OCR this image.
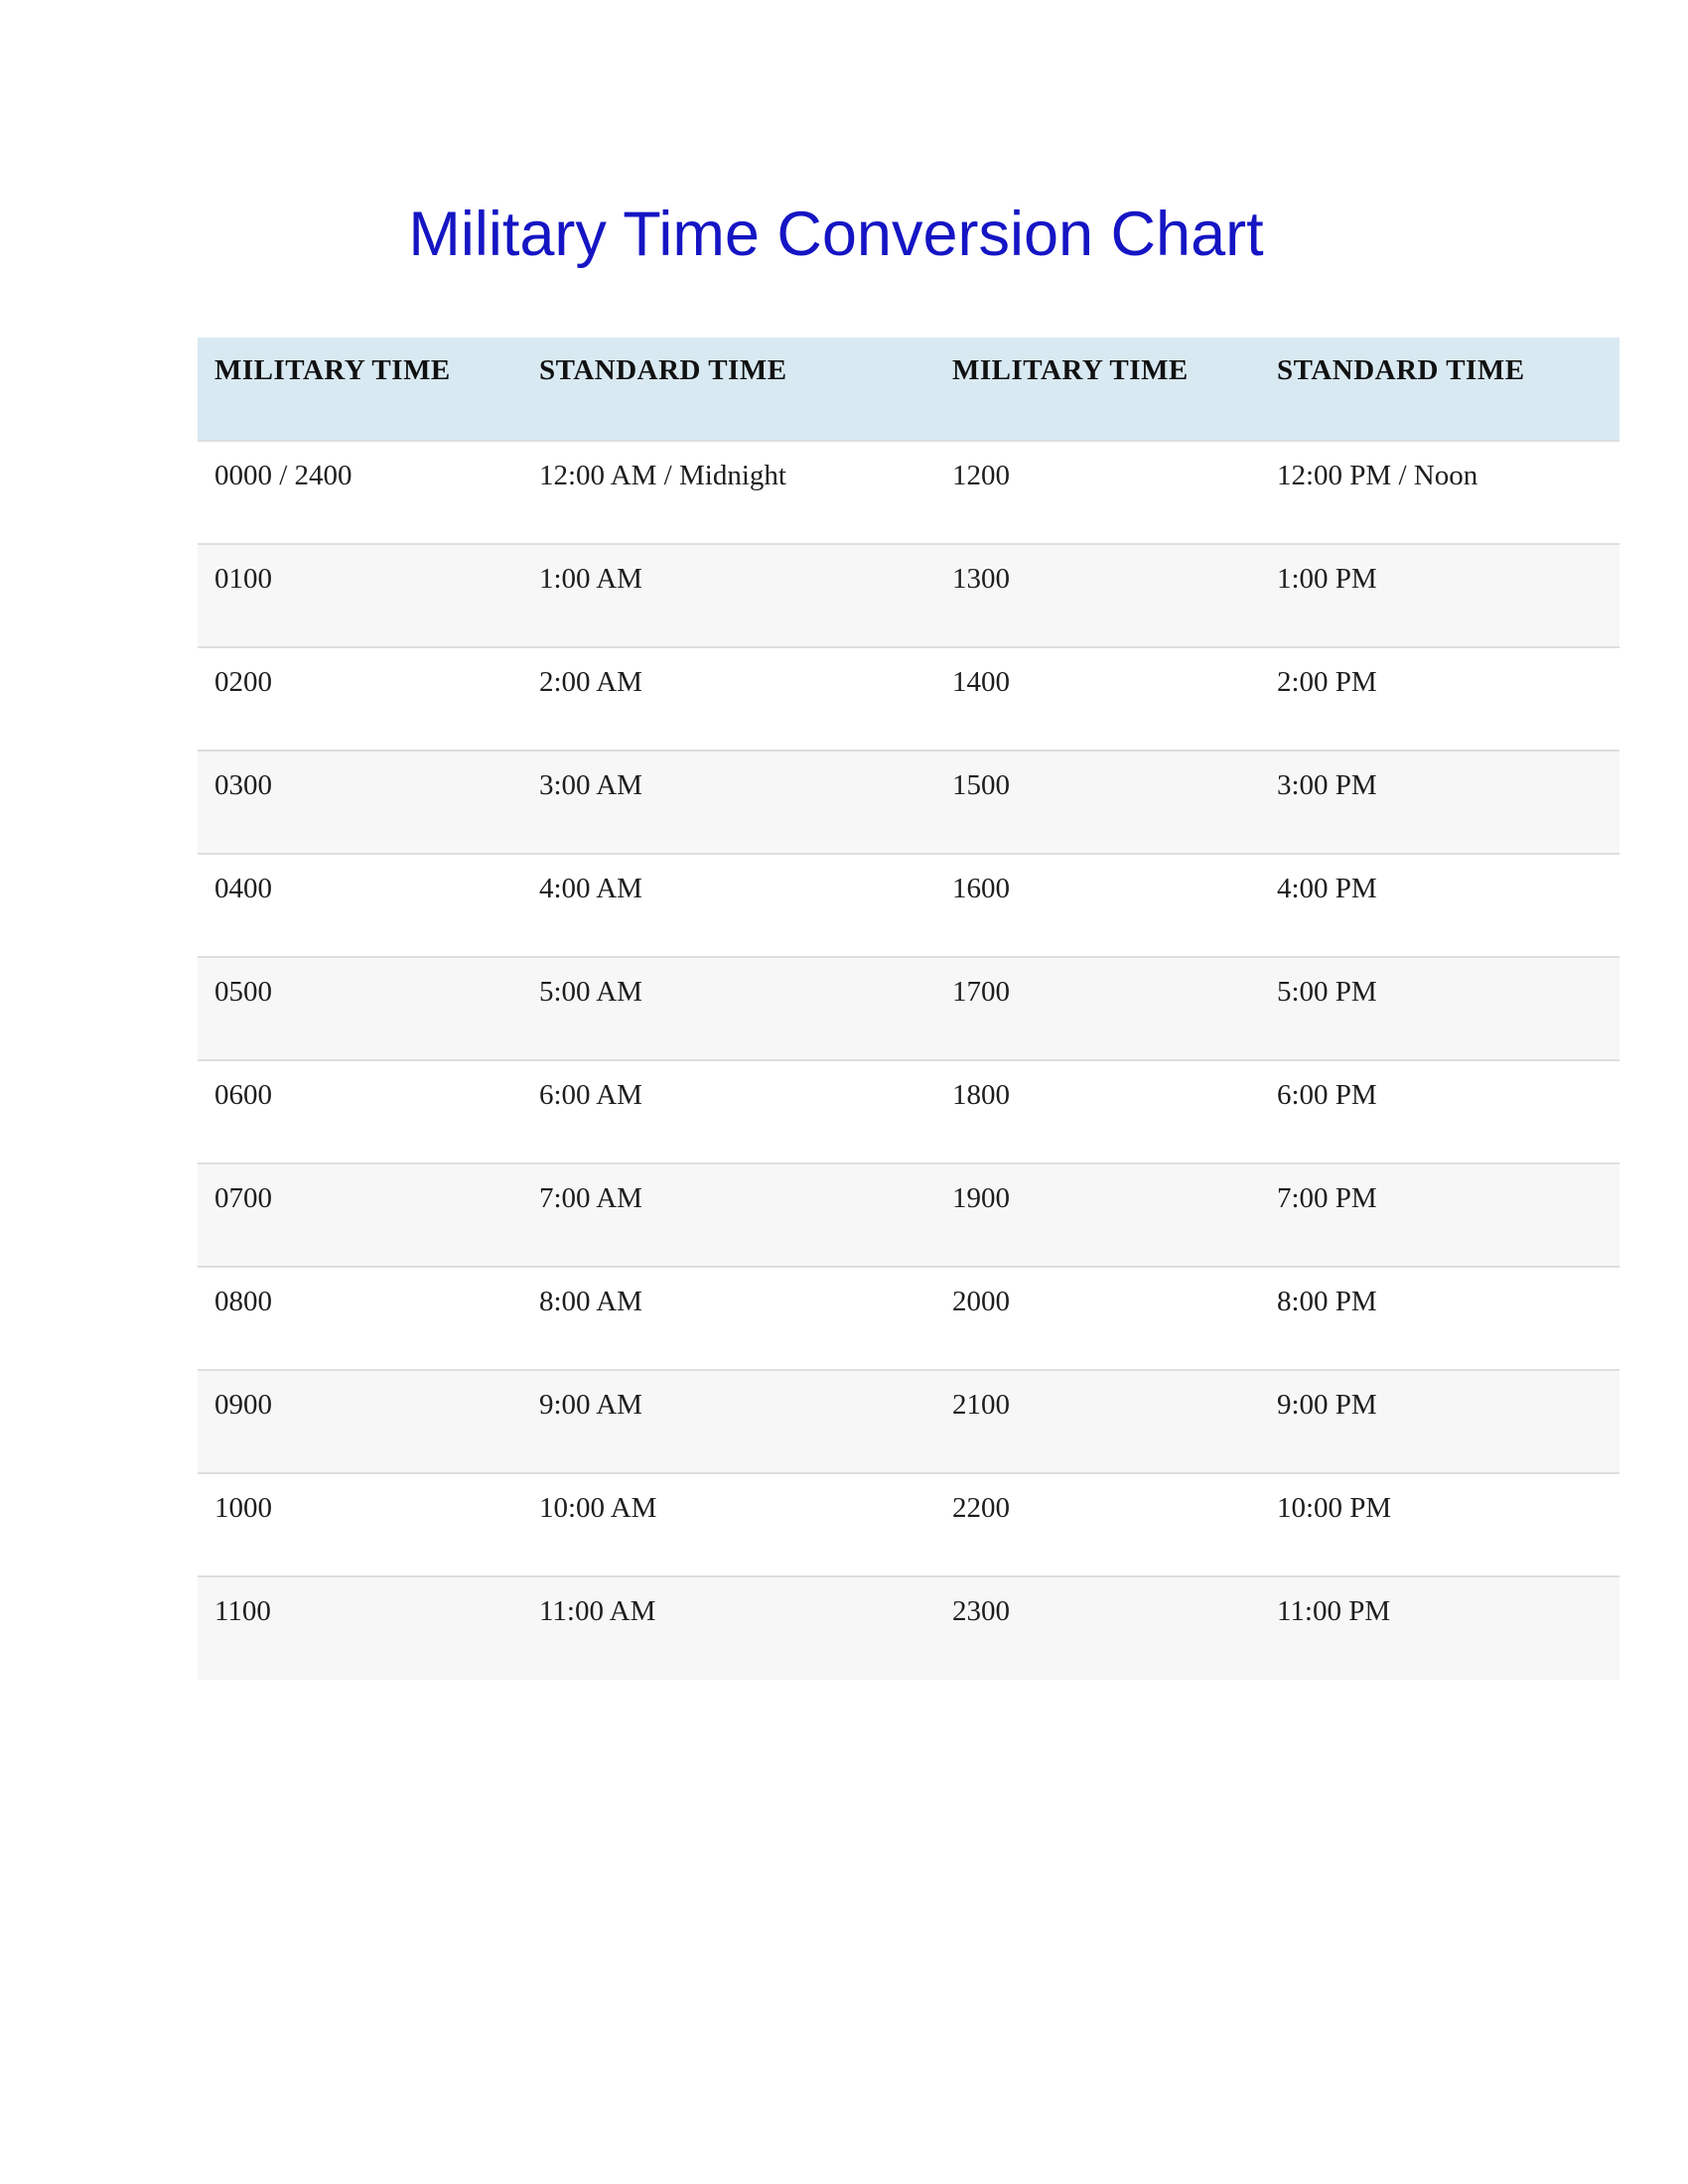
Military Time Conversion Chart
MILITARY TIME	STANDARD TIME	MILITARY TIME	STANDARD TIME
0000 / 2400	12:00 AM / Midnight	1200	12:00 PM / Noon
0100	1:00 AM	1300	1:00 PM
0200	2:00 AM	1400	2:00 PM
0300	3:00 AM	1500	3:00 PM
0400	4:00 AM	1600	4:00 PM
0500	5:00 AM	1700	5:00 PM
0600	6:00 AM	1800	6:00 PM
0700	7:00 AM	1900	7:00 PM
0800	8:00 AM	2000	8:00 PM
0900	9:00 AM	2100	9:00 PM
1000	10:00 AM	2200	10:00 PM
1100	11:00 AM	2300	11:00 PM
